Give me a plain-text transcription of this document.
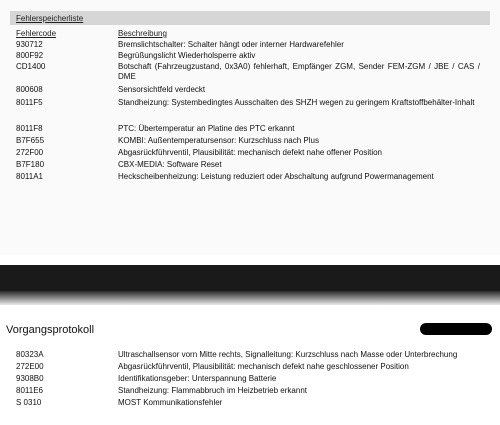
Fehlerspeicherliste
Fehlercode	Beschreibung
930712	Bremslichtschalter: Schalter hängt oder interner Hardwarefehler
800F92	Begrüßungslicht Wiederholsperre aktiv
CD1400	Botschaft (Fahrzeugzustand, 0x3A0) fehlerhaft, Empfänger ZGM, Sender FEM-ZGM / JBE / CAS / DME
800608	Sensorsichtfeld verdeckt
8011F5	Standheizung: Systembedingtes Ausschalten des SHZH wegen zu geringem Kraftstoffbehälter-Inhalt
8011F8	PTC: Übertemperatur an Platine des PTC erkannt
B7F655	KOMBI: Außentemperatursensor: Kurzschluss nach Plus
272F00	Abgasrückführventil, Plausibilität: mechanisch defekt nahe offener Position
B7F180	CBX-MEDIA: Software Reset
8011A1	Heckscheibenheizung: Leistung reduziert oder Abschaltung aufgrund Powermanagement
Vorgangsprotokoll
80323A	Ultraschallsensor vorn Mitte rechts, Signalleitung: Kurzschluss nach Masse oder Unterbrechung
272E00	Abgasrückführventil, Plausibilität: mechanisch defekt nahe geschlossener Position
9308B0	Identifikationsgeber: Unterspannung Batterie
8011E6	Standheizung: Flammabbruch im Heizbetrieb erkannt
S 0310	MOST Kommunikationsfehler
